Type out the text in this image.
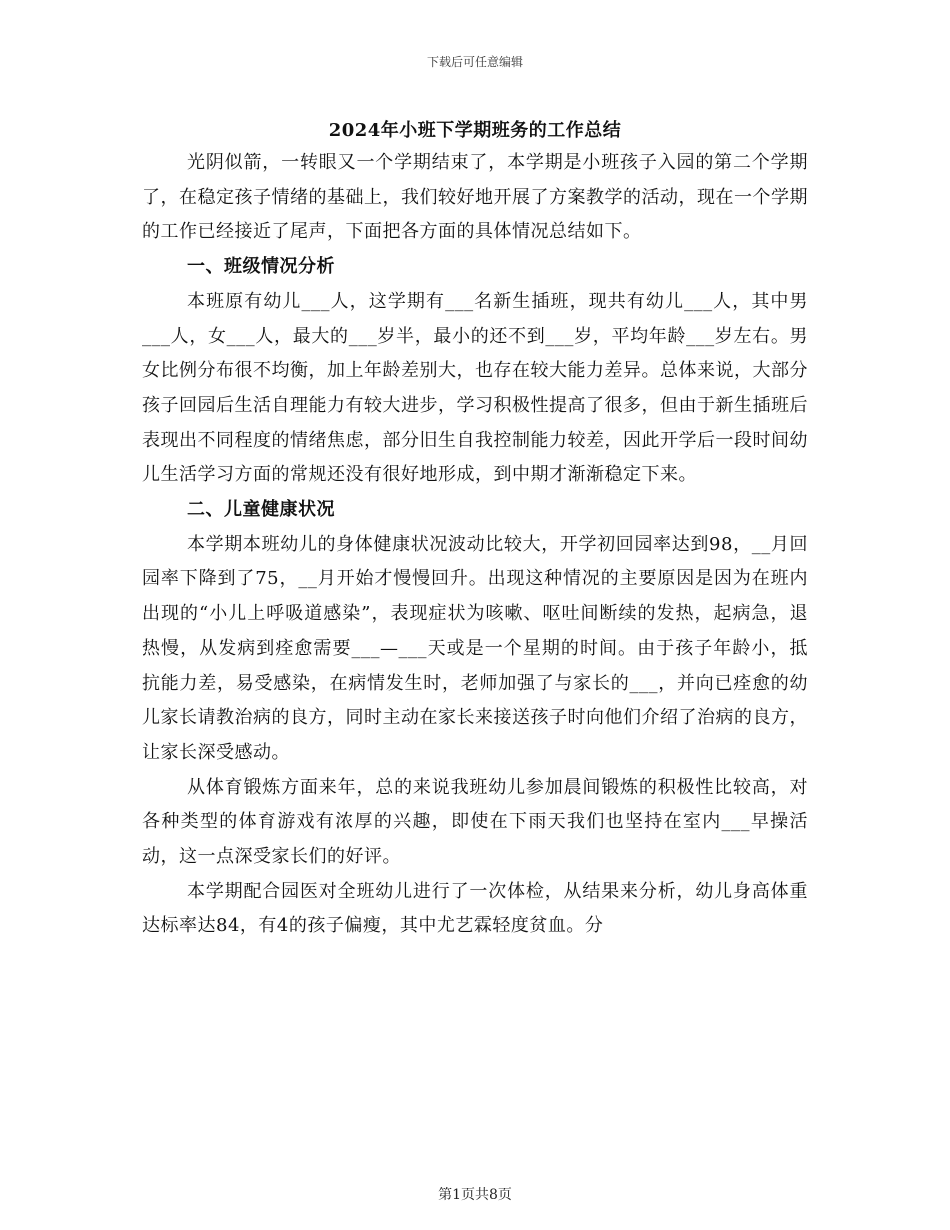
下载后可任意编辑
2024年小班下学期班务的工作总结

光阴似箭，一转眼又一个学期结束了，本学期是小班孩子入园的第二个学期了，在稳定孩子情绪的基础上，我们较好地开展了方案教学的活动，现在一个学期的工作已经接近了尾声，下面把各方面的具体情况总结如下。

一、班级情况分析

本班原有幼儿___人，这学期有___名新生插班，现共有幼儿___人，其中男___人，女___人，最大的___岁半，最小的还不到___岁，平均年龄___岁左右。男女比例分布很不均衡，加上年龄差别大，也存在较大能力差异。总体来说，大部分孩子回园后生活自理能力有较大进步，学习积极性提高了很多，但由于新生插班后表现出不同程度的情绪焦虑，部分旧生自我控制能力较差，因此开学后一段时间幼儿生活学习方面的常规还没有很好地形成，到中期才渐渐稳定下来。

二、儿童健康状况

本学期本班幼儿的身体健康状况波动比较大，开学初回园率达到98，__月回园率下降到了75，__月开始才慢慢回升。出现这种情况的主要原因是因为在班内出现的“小儿上呼吸道感染”，表现症状为咳嗽、呕吐间断续的发热，起病急，退热慢，从发病到痊愈需要___—___天或是一个星期的时间。由于孩子年龄小，抵抗能力差，易受感染，在病情发生时，老师加强了与家长的___，并向已痊愈的幼儿家长请教治病的良方，同时主动在家长来接送孩子时向他们介绍了治病的良方，让家长深受感动。

从体育锻炼方面来年，总的来说我班幼儿参加晨间锻炼的积极性比较高，对各种类型的体育游戏有浓厚的兴趣，即使在下雨天我们也坚持在室内___早操活动，这一点深受家长们的好评。

本学期配合园医对全班幼儿进行了一次体检，从结果来分析，幼儿身高体重达标率达84，有4的孩子偏瘦，其中尤艺霖轻度贫血。分

第1页共8页
